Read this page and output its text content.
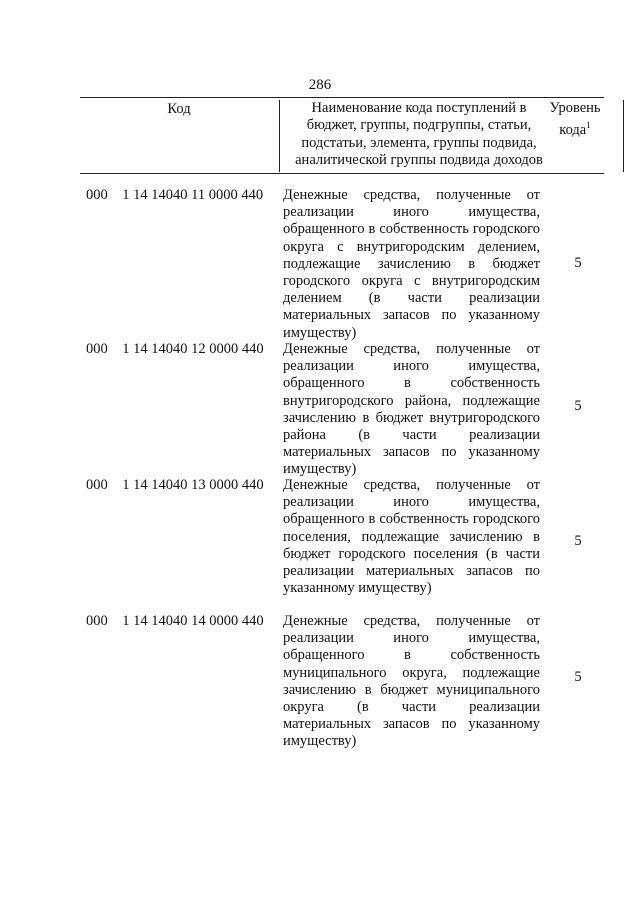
286
Код	Наименование кода поступлений в бюджет, группы, подгруппы, статьи, подстатьи, элемента, группы подвида, аналитической группы подвида доходов
Уровень кода$^1$
000    1 14 14040 11 0000 440 Денежные средства, полученные от реализации иного имущества, обращенного в собственность городского округа с внутригородским делением, подлежащие зачислению в бюджет городского округа с внутригородским делением (в части реализации материальных запасов по указанному имуществу)
5
000    1 14 14040 12 0000 440 Денежные средства, полученные от реализации иного имущества, обращенного в собственность внутригородского района, подлежащие зачислению в бюджет внутригородского района (в части реализации материальных запасов по указанному имуществу)
5
000    1 14 14040 13 0000 440 Денежные средства, полученные от реализации иного имущества, обращенного в собственность городского поселения, подлежащие зачислению в бюджет городского поселения (в части реализации материальных запасов по указанному имуществу)
5
000    1 14 14040 14 0000 440 Денежные средства, полученные от реализации иного имущества, обращенного в собственность муниципального округа, подлежащие зачислению в бюджет муниципального округа (в части реализации материальных запасов по указанному имуществу)
5
